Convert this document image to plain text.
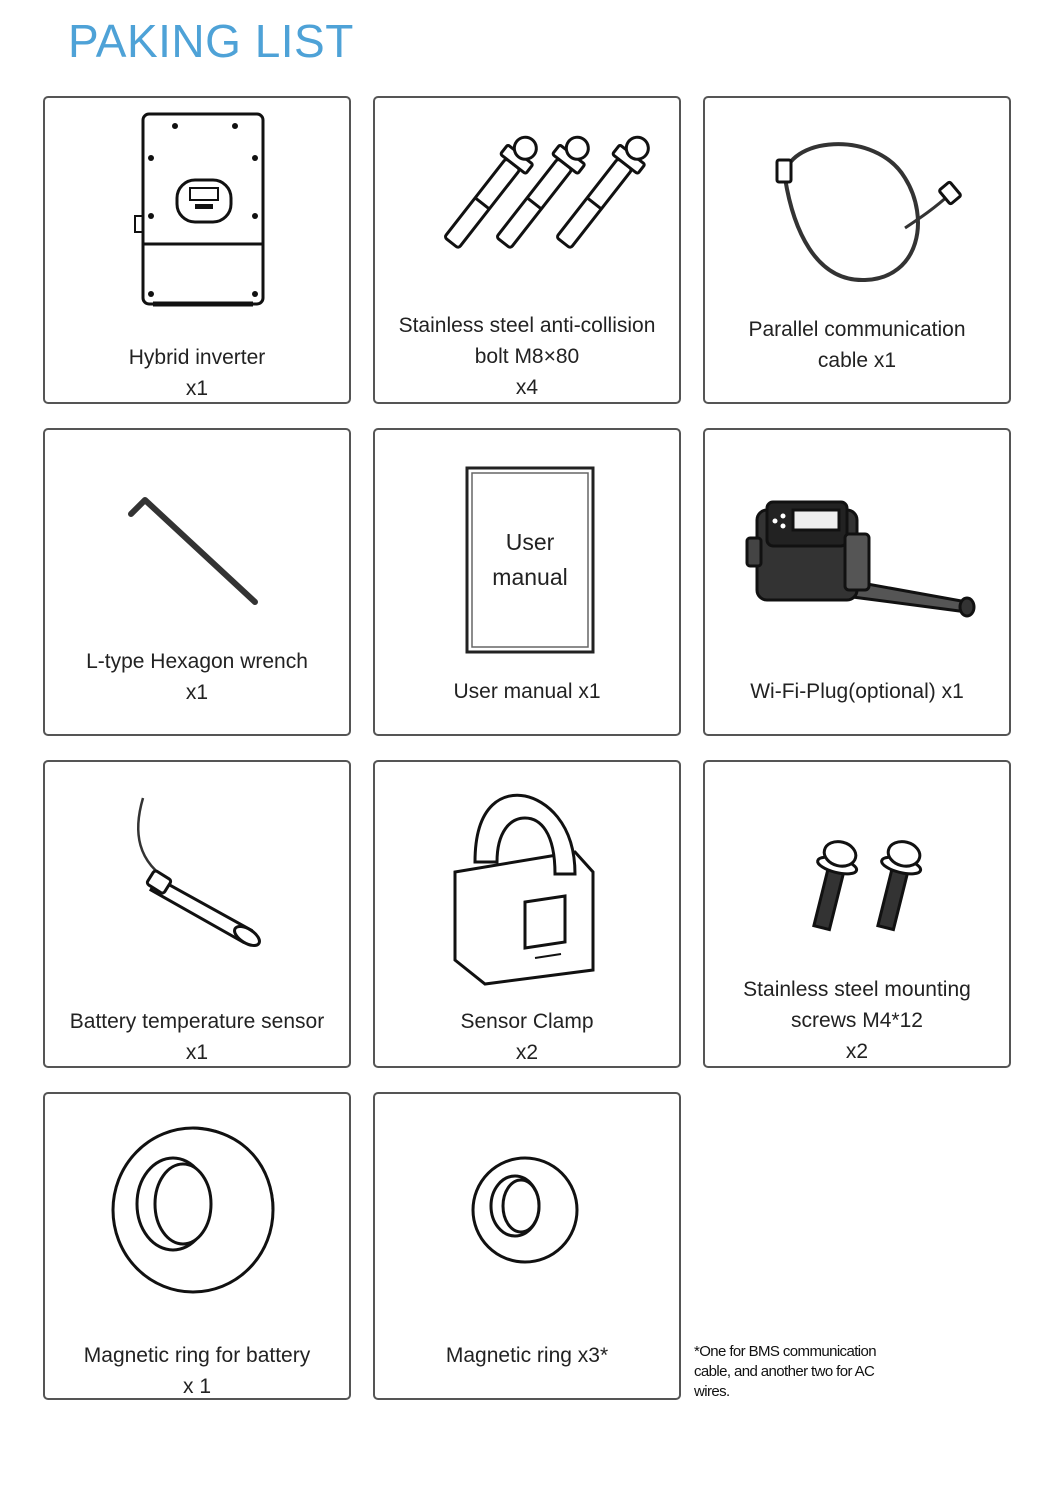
PAKING LIST
Hybrid inverter
x1
Stainless steel anti-collision
bolt M8×80
x4
Parallel communication
cable x1
L-type Hexagon wrench
x1
User
manual
User manual x1	Wi-Fi-Plug(optional) x1
Battery temperature sensor
x1
Sensor Clamp
x2
Stainless steel mounting
screws M4*12
x2
Magnetic ring for battery
x 1
Magnetic ring x3*	*One for BMS communication
cable, and another two for AC
wires.
